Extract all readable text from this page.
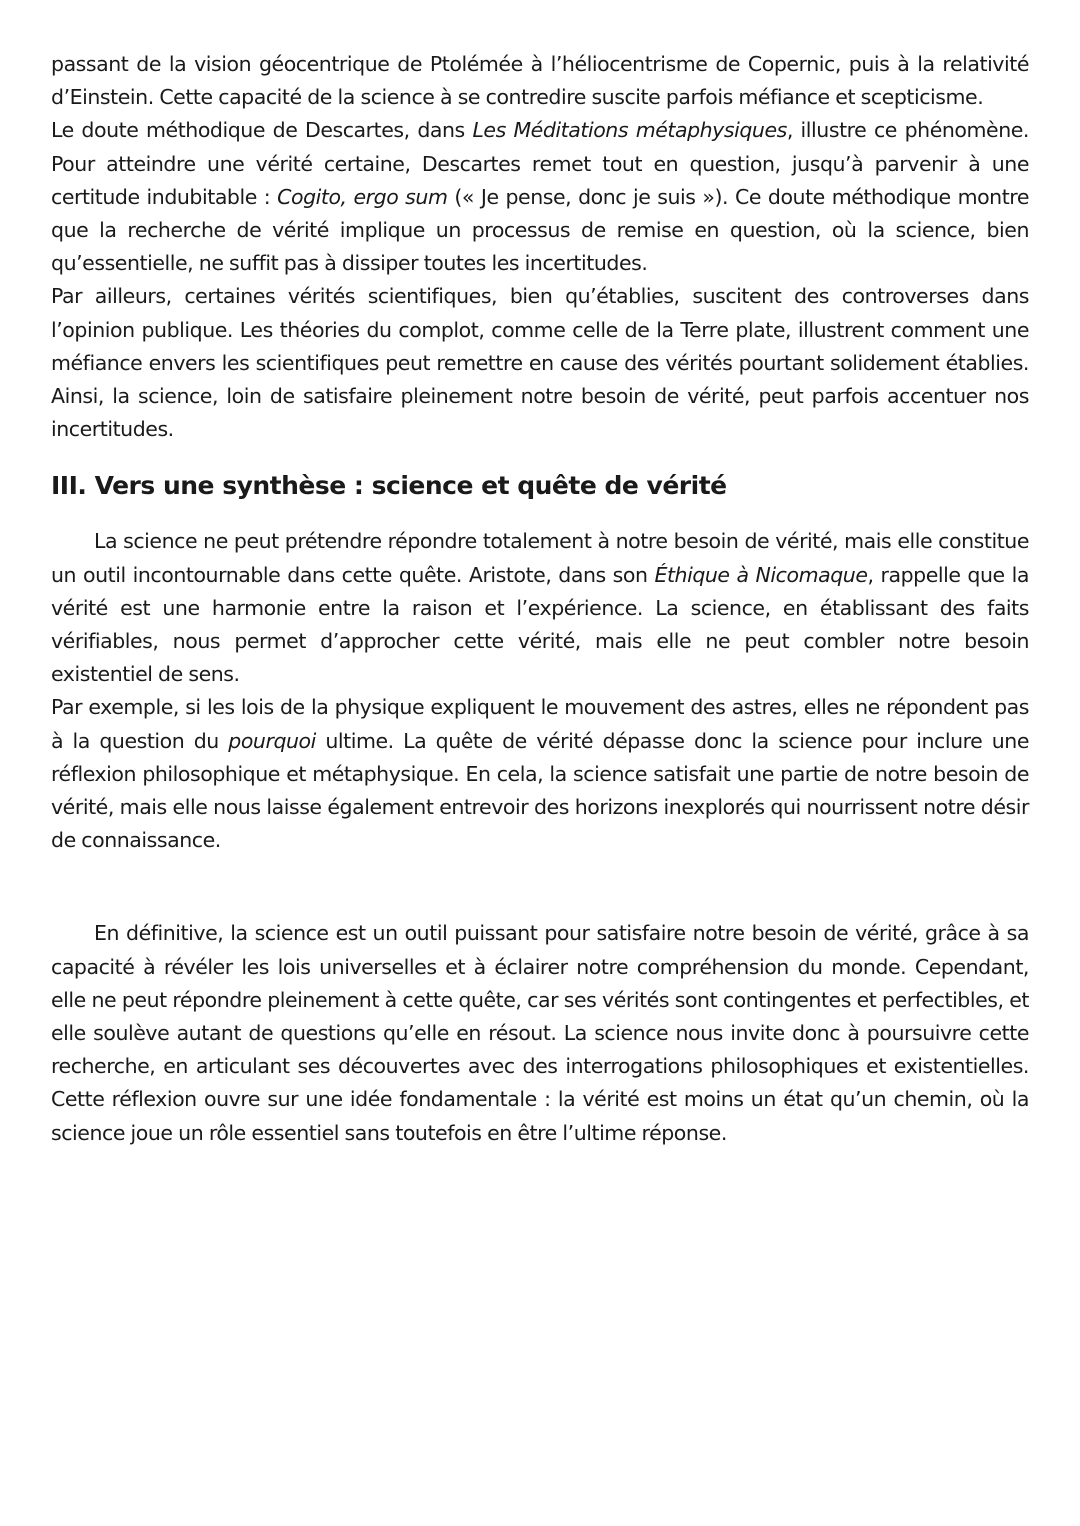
passant de la vision géocentrique de Ptolémée à l’héliocentrisme de Copernic, puis à la relativité d’Einstein. Cette capacité de la science à se contredire suscite parfois méfiance et scepticisme.

Le doute méthodique de Descartes, dans Les Méditations métaphysiques, illustre ce phénomène. Pour atteindre une vérité certaine, Descartes remet tout en question, jusqu’à parvenir à une certitude indubitable : Cogito, ergo sum (« Je pense, donc je suis »). Ce doute méthodique montre que la recherche de vérité implique un processus de remise en question, où la science, bien qu’essentielle, ne suffit pas à dissiper toutes les incertitudes.

Par ailleurs, certaines vérités scientifiques, bien qu’établies, suscitent des controverses dans l’opinion publique. Les théories du complot, comme celle de la Terre plate, illustrent comment une méfiance envers les scientifiques peut remettre en cause des vérités pourtant solidement établies. Ainsi, la science, loin de satisfaire pleinement notre besoin de vérité, peut parfois accentuer nos incertitudes.

III. Vers une synthèse : science et quête de vérité

La science ne peut prétendre répondre totalement à notre besoin de vérité, mais elle constitue un outil incontournable dans cette quête. Aristote, dans son Éthique à Nicomaque, rappelle que la vérité est une harmonie entre la raison et l’expérience. La science, en établissant des faits vérifiables, nous permet d’approcher cette vérité, mais elle ne peut combler notre besoin existentiel de sens.

Par exemple, si les lois de la physique expliquent le mouvement des astres, elles ne répondent pas à la question du pourquoi ultime. La quête de vérité dépasse donc la science pour inclure une réflexion philosophique et métaphysique. En cela, la science satisfait une partie de notre besoin de vérité, mais elle nous laisse également entrevoir des horizons inexplorés qui nourrissent notre désir de connaissance.

En définitive, la science est un outil puissant pour satisfaire notre besoin de vérité, grâce à sa capacité à révéler les lois universelles et à éclairer notre compréhension du monde. Cependant, elle ne peut répondre pleinement à cette quête, car ses vérités sont contingentes et perfectibles, et elle soulève autant de questions qu’elle en résout. La science nous invite donc à poursuivre cette recherche, en articulant ses découvertes avec des interrogations philosophiques et existentielles. Cette réflexion ouvre sur une idée fondamentale : la vérité est moins un état qu’un chemin, où la science joue un rôle essentiel sans toutefois en être l’ultime réponse.
